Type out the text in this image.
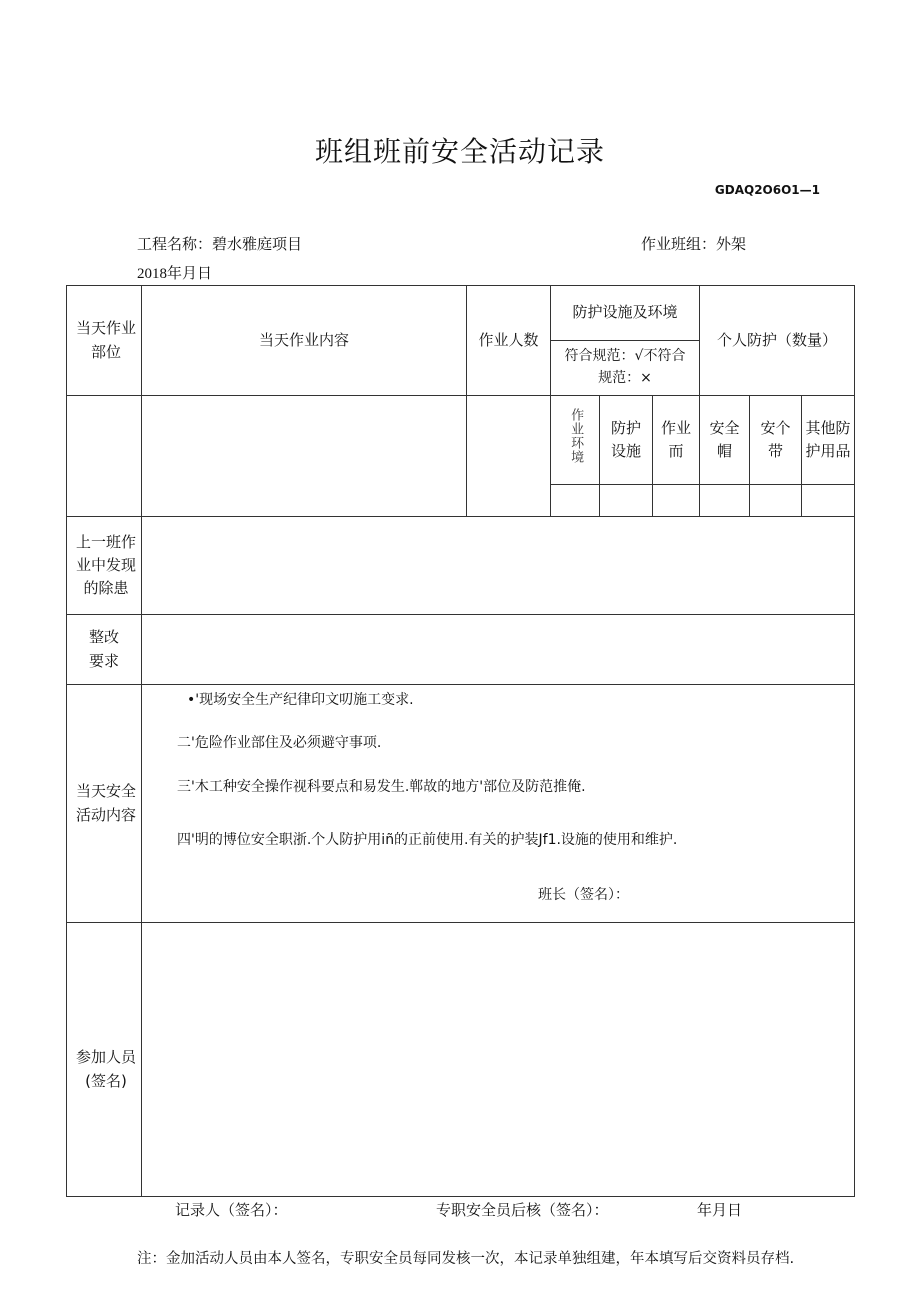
班组班前安全活动记录
GDAQ2O6O1—1
工程名称：碧水雅庭项目	作业班组：外架
2018年月日
当天作业部位	当天作业内容	作业人数	防护设施及环境			个人防护（数量）		
			符合规范：√不符合规范：×					
			作业环境	防护设施	作业而	安全帽	安个带	其他防护用品

上一班作业中发现的除患								
整改要求								
当天安全活动内容	•'现场安全生产纪律印文叨施工变求.
二'危险作业部住及必须避守事项.
三'木工种安全操作视科要点和易发生.郸故的地方'部位及防范推俺.
四'明的博位安全职浙.个人防护用iñ的正前使用.有关的护装Jf1.设施的使用和维护.
班长（签名）：							

参加人员(签名)								
记录人（签名）：	专职安全员后核（签名）：	年月日
注：金加活动人员由本人签名，专职安全员每同发核一次，本记录单独组建，年本填写后交资料员存档.
